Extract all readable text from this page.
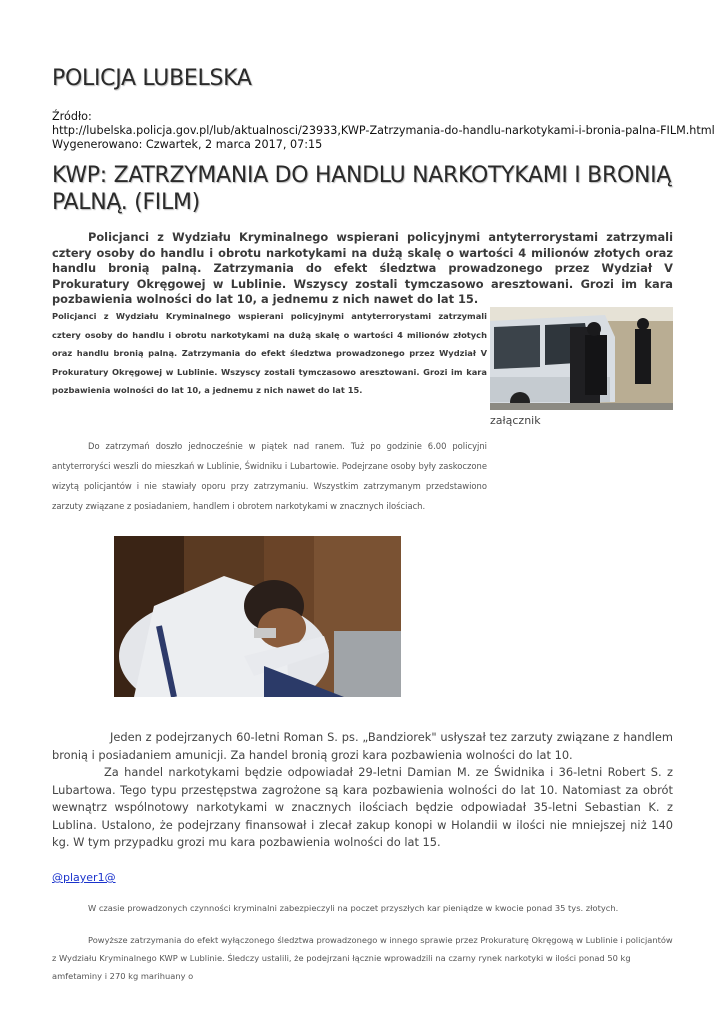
POLICJA LUBELSKA
Źródło:
http://lubelska.policja.gov.pl/lub/aktualnosci/23933,KWP-Zatrzymania-do-handlu-narkotykami-i-bronia-palna-FILM.html
Wygenerowano: Czwartek, 2 marca 2017, 07:15
KWP: ZATRZYMANIA DO HANDLU NARKOTYKAMI I BRONIĄ PALNĄ. (FILM)
Policjanci z Wydziału Kryminalnego wspierani policyjnymi antyterrorystami zatrzymali cztery osoby do handlu i obrotu narkotykami na dużą skalę o wartości 4 milionów złotych oraz handlu bronią palną. Zatrzymania do efekt śledztwa prowadzonego przez Wydział V Prokuratury Okręgowej w Lublinie. Wszyscy zostali tymczasowo aresztowani. Grozi im kara pozbawienia wolności do lat 10, a jednemu z nich nawet do lat 15.
Policjanci z Wydziału Kryminalnego wspierani policyjnymi antyterrorystami zatrzymali cztery osoby do handlu i obrotu narkotykami na dużą skalę o wartości 4 milionów złotych oraz handlu bronią palną. Zatrzymania do efekt śledztwa prowadzonego przez Wydział V Prokuratury Okręgowej w Lublinie. Wszyscy zostali tymczasowo aresztowani. Grozi im kara pozbawienia wolności do lat 10, a jednemu z nich nawet do lat 15.
załącznik
Do zatrzymań doszło jednocześnie w piątek nad ranem. Tuż po godzinie 6.00 policyjni antyterroryści weszli do mieszkań w Lublinie, Świdniku i Lubartowie. Podejrzane osoby były zaskoczone wizytą policjantów i nie stawiały oporu przy zatrzymaniu. Wszystkim zatrzymanym przedstawiono zarzuty związane z posiadaniem, handlem i obrotem narkotykami w znacznych ilościach.
Jeden z podejrzanych 60-letni Roman S. ps. „Bandziorek" usłyszał tez zarzuty związane z handlem bronią i posiadaniem amunicji. Za handel bronią grozi kara pozbawienia wolności do lat 10.
Za handel narkotykami będzie odpowiadał 29-letni Damian M. ze Świdnika i 36-letni Robert S. z Lubartowa. Tego typu przestępstwa zagrożone są kara pozbawienia wolności do lat 10. Natomiast za obrót wewnątrz wspólnotowy narkotykami w znacznych ilościach będzie odpowiadał 35-letni Sebastian K. z Lublina. Ustalono, że podejrzany finansował i zlecał zakup konopi w Holandii w ilości nie mniejszej niż 140 kg. W tym przypadku grozi mu kara pozbawienia wolności do lat 15.
@player1@
W czasie prowadzonych czynności kryminalni zabezpieczyli na poczet przyszłych kar pieniądze w kwocie ponad 35 tys. złotych.
Powyższe zatrzymania do efekt wyłączonego śledztwa prowadzonego w innego sprawie przez Prokuraturę Okręgową w Lublinie i policjantów z Wydziału Kryminalnego KWP w Lublinie. Śledczy ustalili, że podejrzani łącznie wprowadzili na czarny rynek narkotyki w ilości ponad 50 kg amfetaminy i 270 kg marihuany o
